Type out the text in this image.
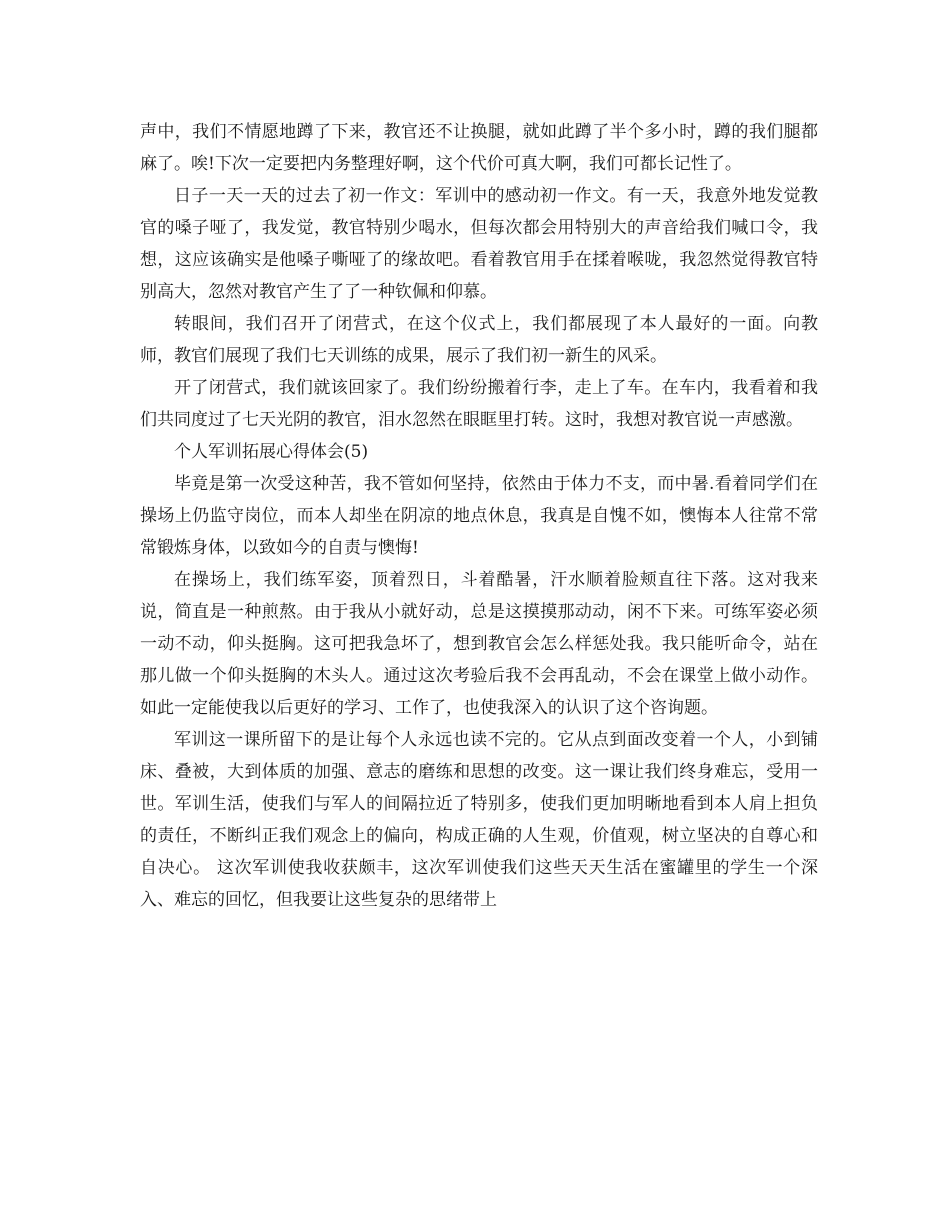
声中，我们不情愿地蹲了下来，教官还不让换腿，就如此蹲了半个多小时，蹲的我们腿都麻了。唉!下次一定要把内务整理好啊，这个代价可真大啊，我们可都长记性了。

日子一天一天的过去了初一作文：军训中的感动初一作文。有一天，我意外地发觉教官的嗓子哑了，我发觉，教官特别少喝水，但每次都会用特别大的声音给我们喊口令，我想，这应该确实是他嗓子嘶哑了的缘故吧。看着教官用手在揉着喉咙，我忽然觉得教官特别高大，忽然对教官产生了了一种钦佩和仰慕。

转眼间，我们召开了闭营式，在这个仪式上，我们都展现了本人最好的一面。向教师，教官们展现了我们七天训练的成果，展示了我们初一新生的风采。

开了闭营式，我们就该回家了。我们纷纷搬着行李，走上了车。在车内，我看着和我们共同度过了七天光阴的教官，泪水忽然在眼眶里打转。这时，我想对教官说一声感激。

个人军训拓展心得体会(5)

毕竟是第一次受这种苦，我不管如何坚持，依然由于体力不支，而中暑.看着同学们在操场上仍监守岗位，而本人却坐在阴凉的地点休息，我真是自愧不如，懊悔本人往常不常常锻炼身体，以致如今的自责与懊悔!

在操场上，我们练军姿，顶着烈日，斗着酷暑，汗水顺着脸颊直往下落。这对我来说，简直是一种煎熬。由于我从小就好动，总是这摸摸那动动，闲不下来。可练军姿必须一动不动，仰头挺胸。这可把我急坏了，想到教官会怎么样惩处我。我只能听命令，站在那儿做一个仰头挺胸的木头人。通过这次考验后我不会再乱动，不会在课堂上做小动作。如此一定能使我以后更好的学习、工作了，也使我深入的认识了这个咨询题。

军训这一课所留下的是让每个人永远也读不完的。它从点到面改变着一个人，小到铺床、叠被，大到体质的加强、意志的磨练和思想的改变。这一课让我们终身难忘，受用一世。军训生活，使我们与军人的间隔拉近了特别多，使我们更加明晰地看到本人肩上担负的责任，不断纠正我们观念上的偏向，构成正确的人生观，价值观，树立坚决的自尊心和自决心。 这次军训使我收获颇丰，这次军训使我们这些天天生活在蜜罐里的学生一个深入、难忘的回忆，但我要让这些复杂的思绪带上
